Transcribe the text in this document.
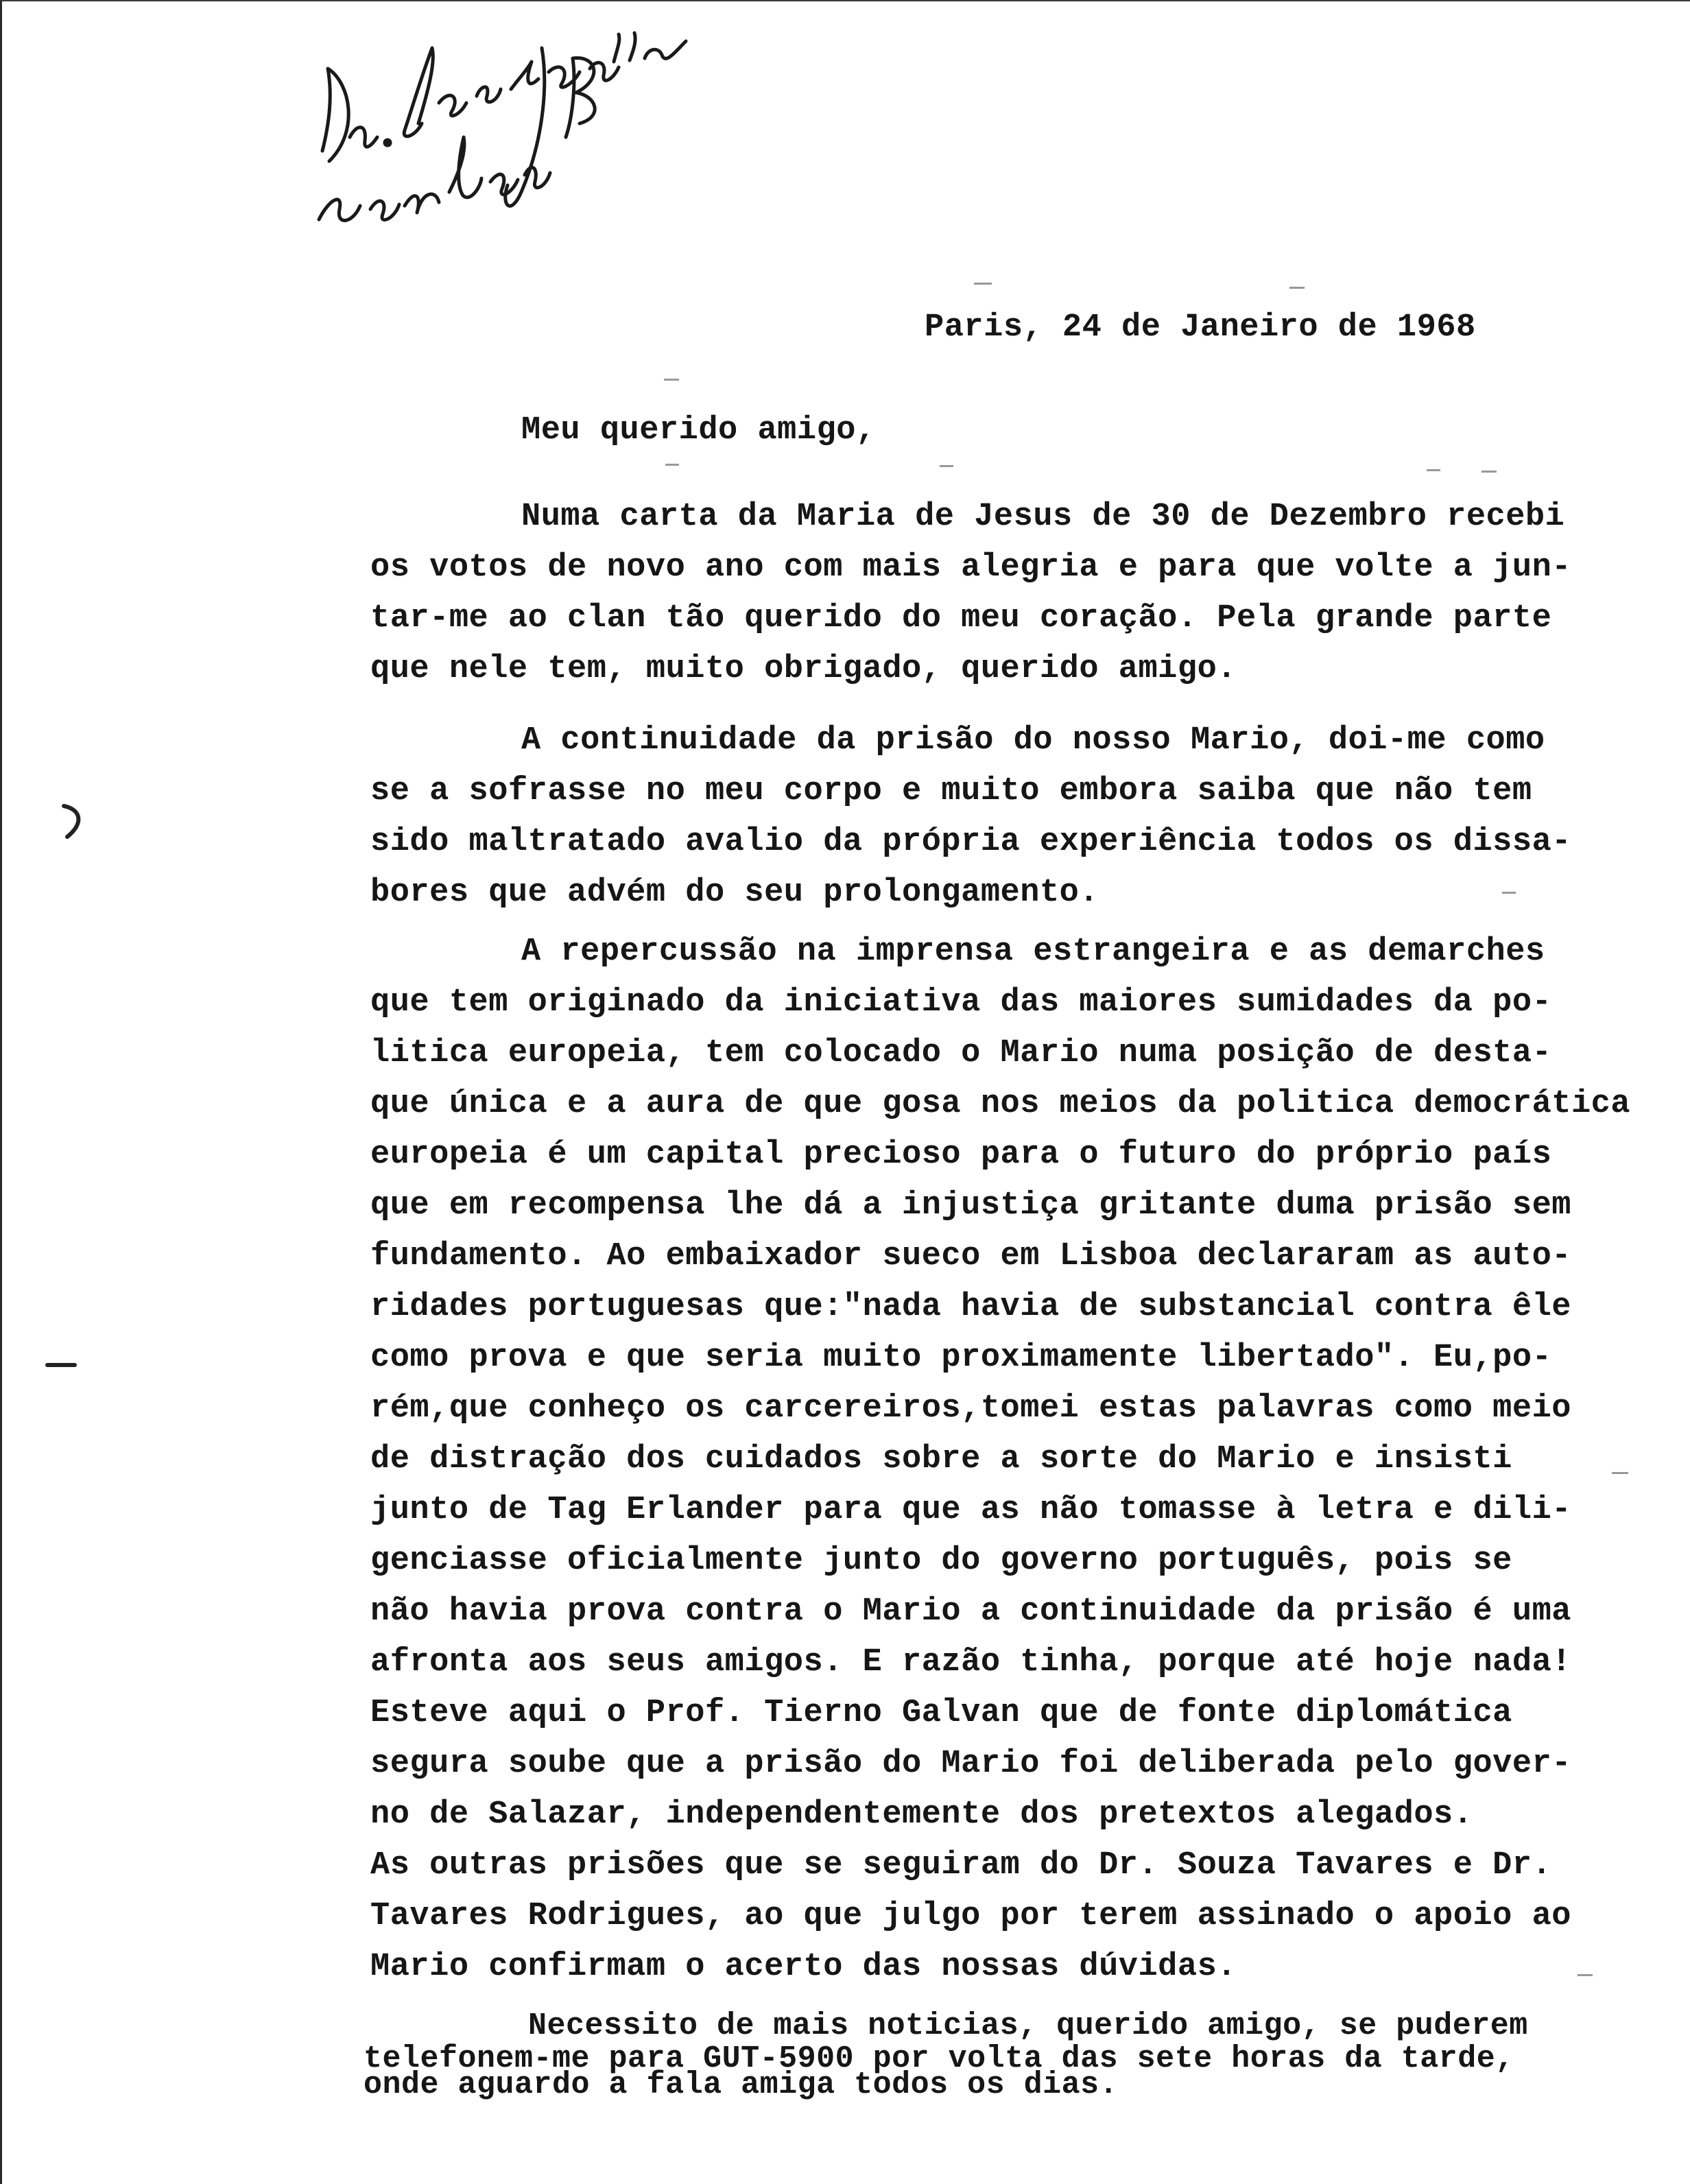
Paris, 24 de Janeiro de 1968
Meu querido amigo,
Numa carta da Maria de Jesus de 30 de Dezembro recebi
os votos de novo ano com mais alegria e para que volte a jun-
tar-me ao clan tão querido do meu coração. Pela grande parte
que nele tem, muito obrigado, querido amigo.
A continuidade da prisão do nosso Mario, doi-me como
se a sofrasse no meu corpo e muito embora saiba que não tem
sido maltratado avalio da própria experiência todos os dissa-
bores que advém do seu prolongamento.
A repercussão na imprensa estrangeira e as demarches
que tem originado da iniciativa das maiores sumidades da po-
litica europeia, tem colocado o Mario numa posição de desta-
que única e a aura de que gosa nos meios da politica democrática
europeia é um capital precioso para o futuro do próprio país
que em recompensa lhe dá a injustiça gritante duma prisão sem
fundamento. Ao embaixador sueco em Lisboa declararam as auto-
ridades portuguesas que:"nada havia de substancial contra êle
como prova e que seria muito proximamente libertado". Eu,po-
rém,que conheço os carcereiros,tomei estas palavras como meio
de distração dos cuidados sobre a sorte do Mario e insisti
junto de Tag Erlander para que as não tomasse à letra e dili-
genciasse oficialmente junto do governo português, pois se
não havia prova contra o Mario a continuidade da prisão é uma
afronta aos seus amigos. E razão tinha, porque até hoje nada!
Esteve aqui o Prof. Tierno Galvan que de fonte diplomática
segura soube que a prisão do Mario foi deliberada pelo gover-
no de Salazar, independentemente dos pretextos alegados.
As outras prisões que se seguiram do Dr. Souza Tavares e Dr.
Tavares Rodrigues, ao que julgo por terem assinado o apoio ao
Mario confirmam o acerto das nossas dúvidas.
Necessito de mais noticias, querido amigo, se puderem
telefonem-me para GUT-5900 por volta das sete horas da tarde,
onde aguardo a fala amiga todos os dias.
